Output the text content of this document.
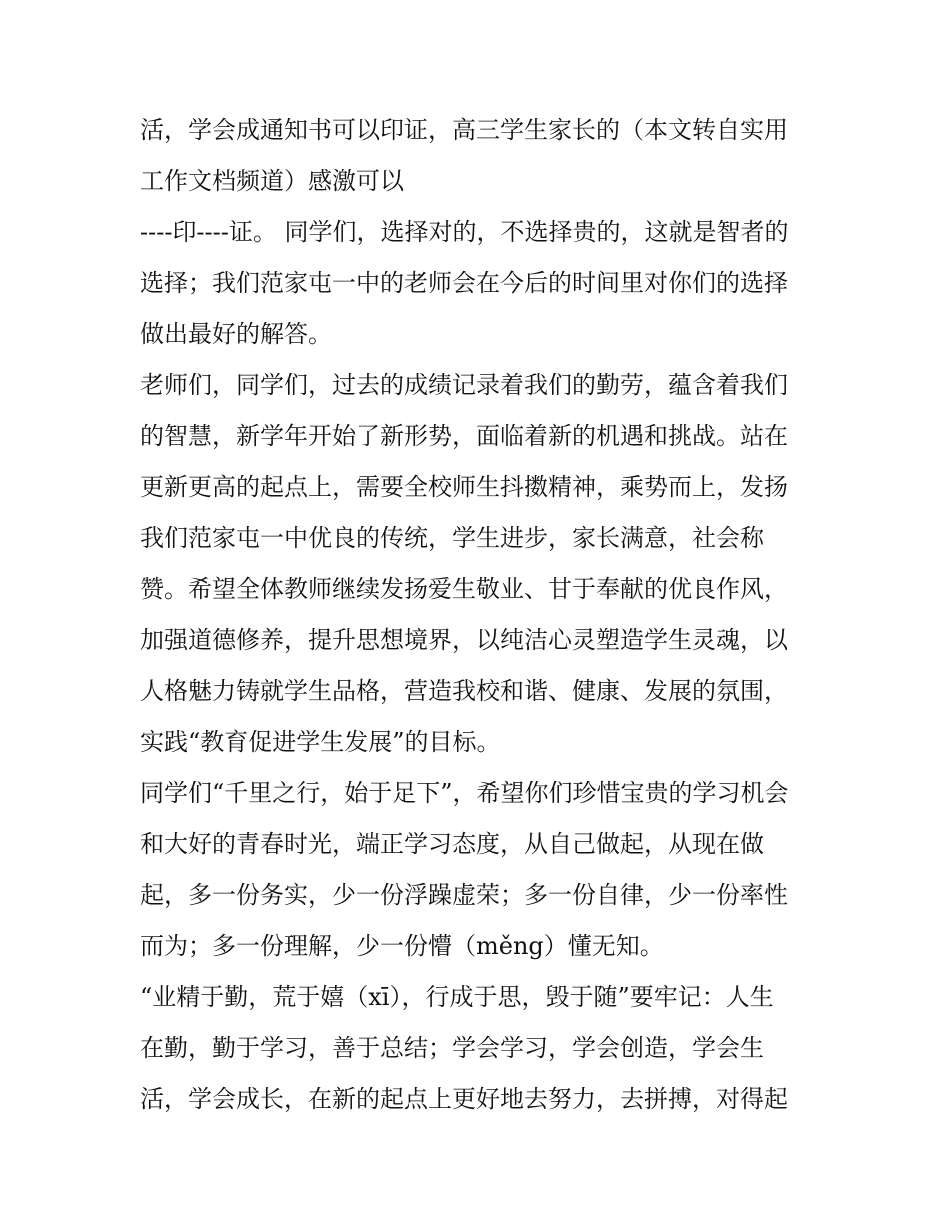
活，学会成通知书可以印证，高三学生家长的（本文转自实用
工作文档频道）感激可以
----印----证。 同学们，选择对的，不选择贵的，这就是智者的
选择；我们范家屯一中的老师会在今后的时间里对你们的选择
做出最好的解答。
老师们，同学们，过去的成绩记录着我们的勤劳，蕴含着我们
的智慧，新学年开始了新形势，面临着新的机遇和挑战。站在
更新更高的起点上，需要全校师生抖擞精神，乘势而上，发扬
我们范家屯一中优良的传统，学生进步，家长满意，社会称
赞。希望全体教师继续发扬爱生敬业、甘于奉献的优良作风，
加强道德修养，提升思想境界，以纯洁心灵塑造学生灵魂，以
人格魅力铸就学生品格，营造我校和谐、健康、发展的氛围，
实践“教育促进学生发展”的目标。
同学们“千里之行，始于足下”，希望你们珍惜宝贵的学习机会
和大好的青春时光，端正学习态度，从自己做起，从现在做
起，多一份务实，少一份浮躁虚荣；多一份自律，少一份率性
而为；多一份理解，少一份懵（měng）懂无知。
“业精于勤，荒于嬉（xī），行成于思，毁于随”要牢记：人生
在勤，勤于学习，善于总结；学会学习，学会创造，学会生
活，学会成长，在新的起点上更好地去努力，去拼搏，对得起
